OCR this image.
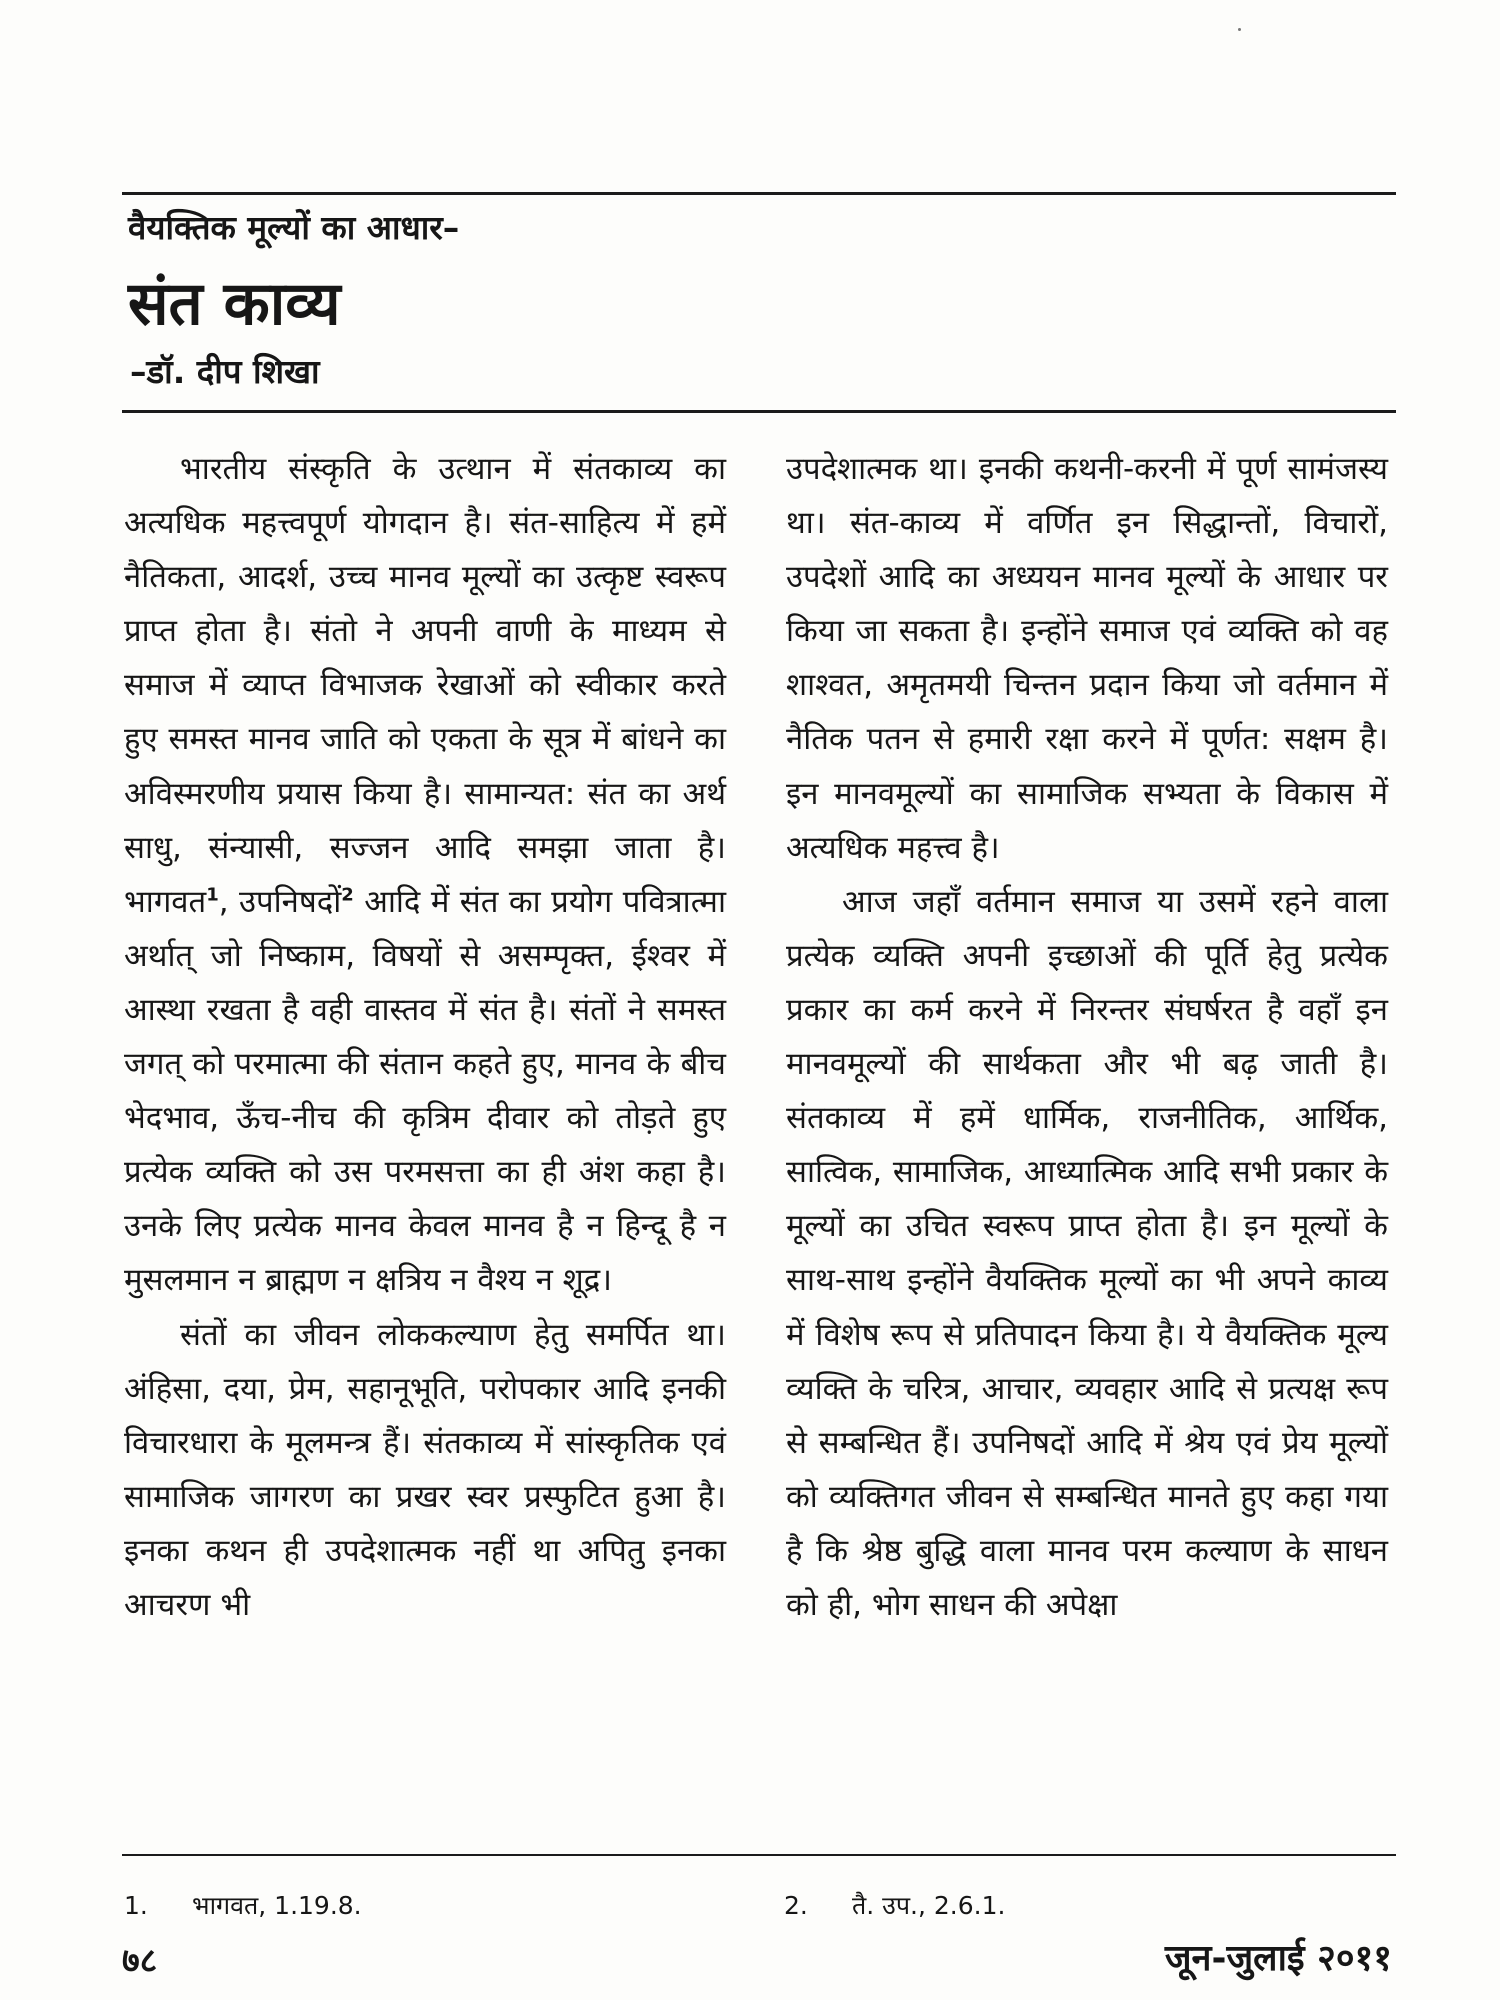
वैयक्तिक मूल्यों का आधार–
संत काव्य
–डॉ. दीप शिखा

भारतीय संस्कृति के उत्थान में संतकाव्य का अत्यधिक महत्त्वपूर्ण योगदान है। संत-साहित्य में हमें नैतिकता, आदर्श, उच्च मानव मूल्यों का उत्कृष्ट स्वरूप प्राप्त होता है। संतो ने अपनी वाणी के माध्यम से समाज में व्याप्त विभाजक रेखाओं को स्वीकार करते हुए समस्त मानव जाति को एकता के सूत्र में बांधने का अविस्मरणीय प्रयास किया है। सामान्यत: संत का अर्थ साधु, संन्यासी, सज्जन आदि समझा जाता है। भागवत$^1$, उपनिषदों$^2$ आदि में संत का प्रयोग पवित्रात्मा अर्थात् जो निष्काम, विषयों से असम्पृक्त, ईश्वर में आस्था रखता है वही वास्तव में संत है। संतों ने समस्त जगत् को परमात्मा की संतान कहते हुए, मानव के बीच भेदभाव, ऊँच-नीच की कृत्रिम दीवार को तोड़ते हुए प्रत्येक व्यक्ति को उस परमसत्ता का ही अंश कहा है। उनके लिए प्रत्येक मानव केवल मानव है न हिन्दू है न मुसलमान न ब्राह्मण न क्षत्रिय न वैश्य न शूद्र।

संतों का जीवन लोककल्याण हेतु समर्पित था। अंहिसा, दया, प्रेम, सहानूभूति, परोपकार आदि इनकी विचारधारा के मूलमन्त्र हैं। संतकाव्य में सांस्कृतिक एवं सामाजिक जागरण का प्रखर स्वर प्रस्फुटित हुआ है। इनका कथन ही उपदेशात्मक नहीं था अपितु इनका आचरण भी

उपदेशात्मक था। इनकी कथनी-करनी में पूर्ण सामंजस्य था। संत-काव्य में वर्णित इन सिद्धान्तों, विचारों, उपदेशों आदि का अध्ययन मानव मूल्यों के आधार पर किया जा सकता है। इन्होंने समाज एवं व्यक्ति को वह शाश्वत, अमृतमयी चिन्तन प्रदान किया जो वर्तमान में नैतिक पतन से हमारी रक्षा करने में पूर्णत: सक्षम है। इन मानवमूल्यों का सामाजिक सभ्यता के विकास में अत्यधिक महत्त्व है।

आज जहाँ वर्तमान समाज या उसमें रहने वाला प्रत्येक व्यक्ति अपनी इच्छाओं की पूर्ति हेतु प्रत्येक प्रकार का कर्म करने में निरन्तर संघर्षरत है वहाँ इन मानवमूल्यों की सार्थकता और भी बढ़ जाती है। संतकाव्य में हमें धार्मिक, राजनीतिक, आर्थिक, सात्विक, सामाजिक, आध्यात्मिक आदि सभी प्रकार के मूल्यों का उचित स्वरूप प्राप्त होता है। इन मूल्यों के साथ-साथ इन्होंने वैयक्तिक मूल्यों का भी अपने काव्य में विशेष रूप से प्रतिपादन किया है। ये वैयक्तिक मूल्य व्यक्ति के चरित्र, आचार, व्यवहार आदि से प्रत्यक्ष रूप से सम्बन्धित हैं। उपनिषदों आदि में श्रेय एवं प्रेय मूल्यों को व्यक्तिगत जीवन से सम्बन्धित मानते हुए कहा गया है कि श्रेष्ठ बुद्धि वाला मानव परम कल्याण के साधन को ही, भोग साधन की अपेक्षा

1. भागवत, 1.19.8.	2. तै. उप., 2.6.1.
७८	जून-जुलाई २०११
